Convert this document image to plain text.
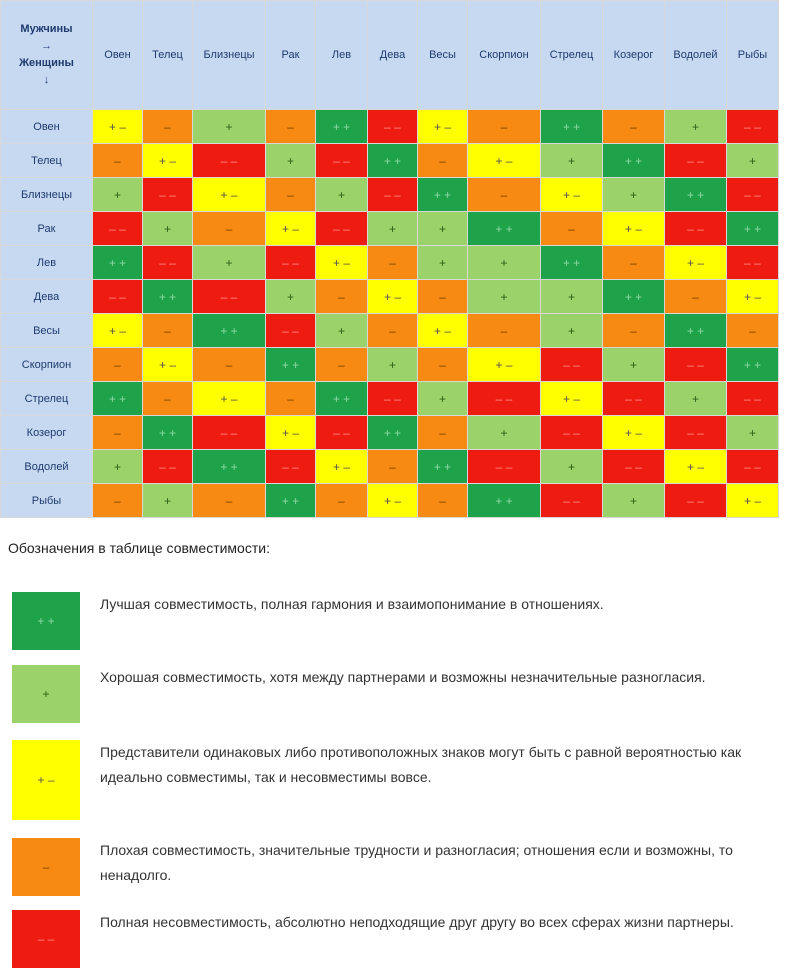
Мужчины
→
Женщины
↓	Овен	Телец	Близнецы	Рак	Лев	Дева	Весы	Скорпион	Стрелец	Козерог	Водолей	Рыбы
Овен	+ –	–	+	–	+ +	– –	+ –	–	+ +	–	+	– –
Телец	–	+ –	– –	+	– –	+ +	–	+ –	+	+ +	– –	+
Близнецы	+	– –	+ –	–	+	– –	+ +	–	+ –	+	+ +	– –
Рак	– –	+	–	+ –	– –	+	+	+ +	–	+ –	– –	+ +
Лев	+ +	– –	+	– –	+ –	–	+	+	+ +	–	+ –	– –
Дева	– –	+ +	– –	+	–	+ –	–	+	+	+ +	–	+ –
Весы	+ –	–	+ +	– –	+	–	+ –	–	+	–	+ +	–
Скорпион	–	+ –	–	+ +	–	+	–	+ –	– –	+	– –	+ +
Стрелец	+ +	–	+ –	–	+ +	– –	+	– –	+ –	– –	+	– –
Козерог	–	+ +	– –	+ –	– –	+ +	–	+	– –	+ –	– –	+
Водолей	+	– –	+ +	– –	+ –	–	+ +	– –	+	– –	+ –	– –
Рыбы	–	+	–	+ +	–	+ –	–	+ +	– –	+	– –	+ –
Обозначения в таблице совместимости:
+ +
Лучшая совместимость, полная гармония и взаимопонимание в отношениях.
+
Хорошая совместимость, хотя между партнерами и возможны незначительные разногласия.
+ –
Представители одинаковых либо противоположных знаков могут быть с равной вероятностью как идеально совместимы, так и несовместимы вовсе.
–
Плохая совместимость, значительные трудности и разногласия; отношения если и возможны, то ненадолго.
– –
Полная несовместимость, абсолютно неподходящие друг другу во всех сферах жизни партнеры.
